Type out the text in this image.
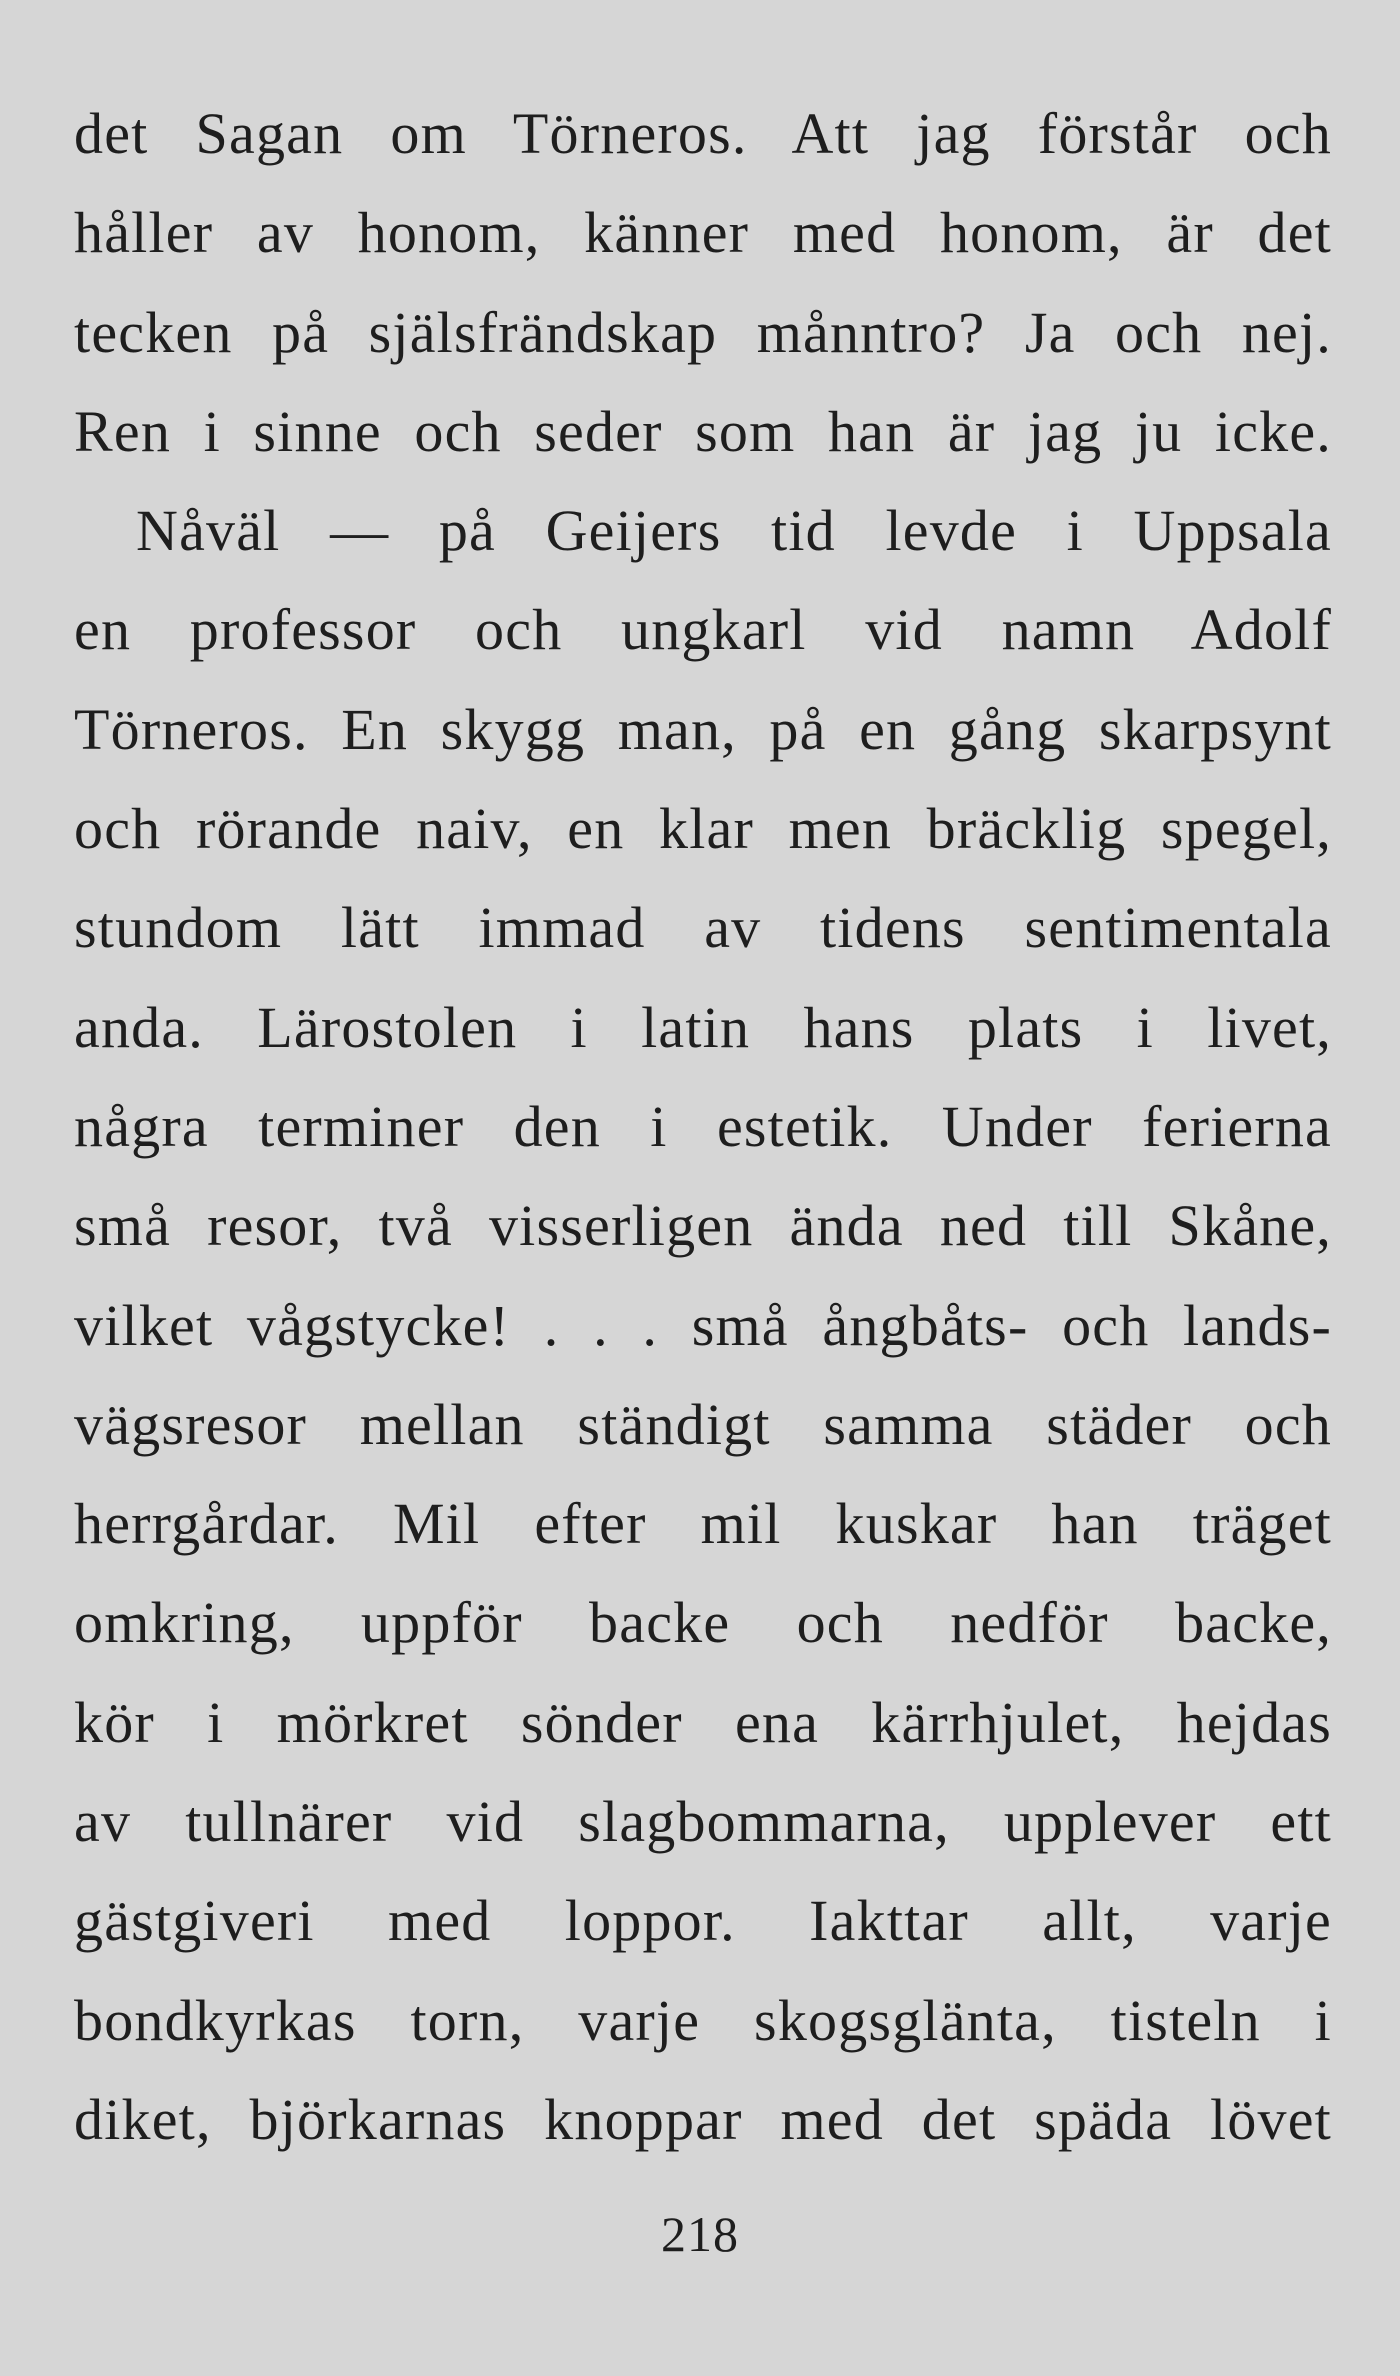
det Sagan om Törneros. Att jag förstår och
håller av honom, känner med honom, är det
tecken på själsfrändskap månntro? Ja och nej.
Ren i sinne och seder som han är jag ju icke.
Nåväl — på Geijers tid levde i Uppsala
en professor och ungkarl vid namn Adolf
Törneros. En skygg man, på en gång skarpsynt
och rörande naiv, en klar men bräcklig spegel,
stundom lätt immad av tidens sentimentala
anda. Lärostolen i latin hans plats i livet,
några terminer den i estetik. Under ferierna
små resor, två visserligen ända ned till Skåne,
vilket vågstycke! . . . små ångbåts- och lands-
vägsresor mellan ständigt samma städer och
herrgårdar. Mil efter mil kuskar han träget
omkring, uppför backe och nedför backe,
kör i mörkret sönder ena kärrhjulet, hejdas
av tullnärer vid slagbommarna, upplever ett
gästgiveri med loppor. Iakttar allt, varje
bondkyrkas torn, varje skogsglänta, tisteln i
diket, björkarnas knoppar med det späda lövet
218
